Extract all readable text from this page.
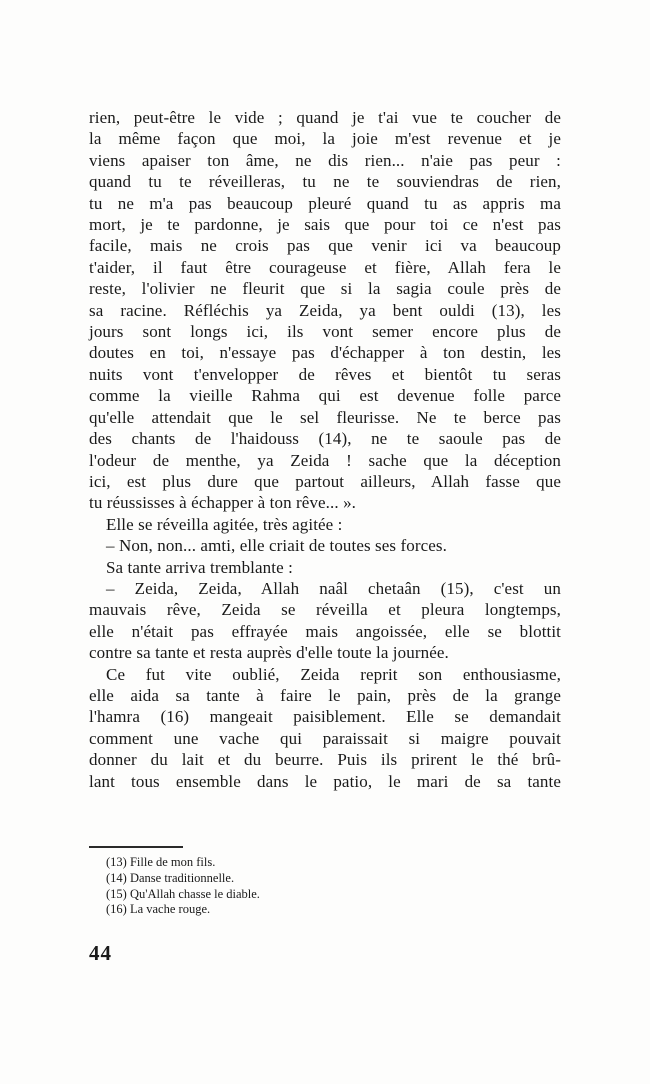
rien, peut-être le vide ; quand je t'ai vue te coucher de
la même façon que moi, la joie m'est revenue et je
viens apaiser ton âme, ne dis rien... n'aie pas peur :
quand tu te réveilleras, tu ne te souviendras de rien,
tu ne m'a pas beaucoup pleuré quand tu as appris ma
mort, je te pardonne, je sais que pour toi ce n'est pas
facile, mais ne crois pas que venir ici va beaucoup
t'aider, il faut être courageuse et fière, Allah fera le
reste, l'olivier ne fleurit que si la sagia coule près de
sa racine. Réfléchis ya Zeida, ya bent ouldi (13), les
jours sont longs ici, ils vont semer encore plus de
doutes en toi, n'essaye pas d'échapper à ton destin, les
nuits vont t'envelopper de rêves et bientôt tu seras
comme la vieille Rahma qui est devenue folle parce
qu'elle attendait que le sel fleurisse. Ne te berce pas
des chants de l'haidouss (14), ne te saoule pas de
l'odeur de menthe, ya Zeida ! sache que la déception
ici, est plus dure que partout ailleurs, Allah fasse que
tu réussisses à échapper à ton rêve... ».
Elle se réveilla agitée, très agitée :
– Non, non... amti, elle criait de toutes ses forces.
Sa tante arriva tremblante :
– Zeida, Zeida, Allah naâl chetaân (15), c'est un
mauvais rêve, Zeida se réveilla et pleura longtemps,
elle n'était pas effrayée mais angoissée, elle se blottit
contre sa tante et resta auprès d'elle toute la journée.
Ce fut vite oublié, Zeida reprit son enthousiasme,
elle aida sa tante à faire le pain, près de la grange
l'hamra (16) mangeait paisiblement. Elle se demandait
comment une vache qui paraissait si maigre pouvait
donner du lait et du beurre. Puis ils prirent le thé brû-
lant tous ensemble dans le patio, le mari de sa tante
(13) Fille de mon fils.
(14) Danse traditionnelle.
(15) Qu'Allah chasse le diable.
(16) La vache rouge.
44
